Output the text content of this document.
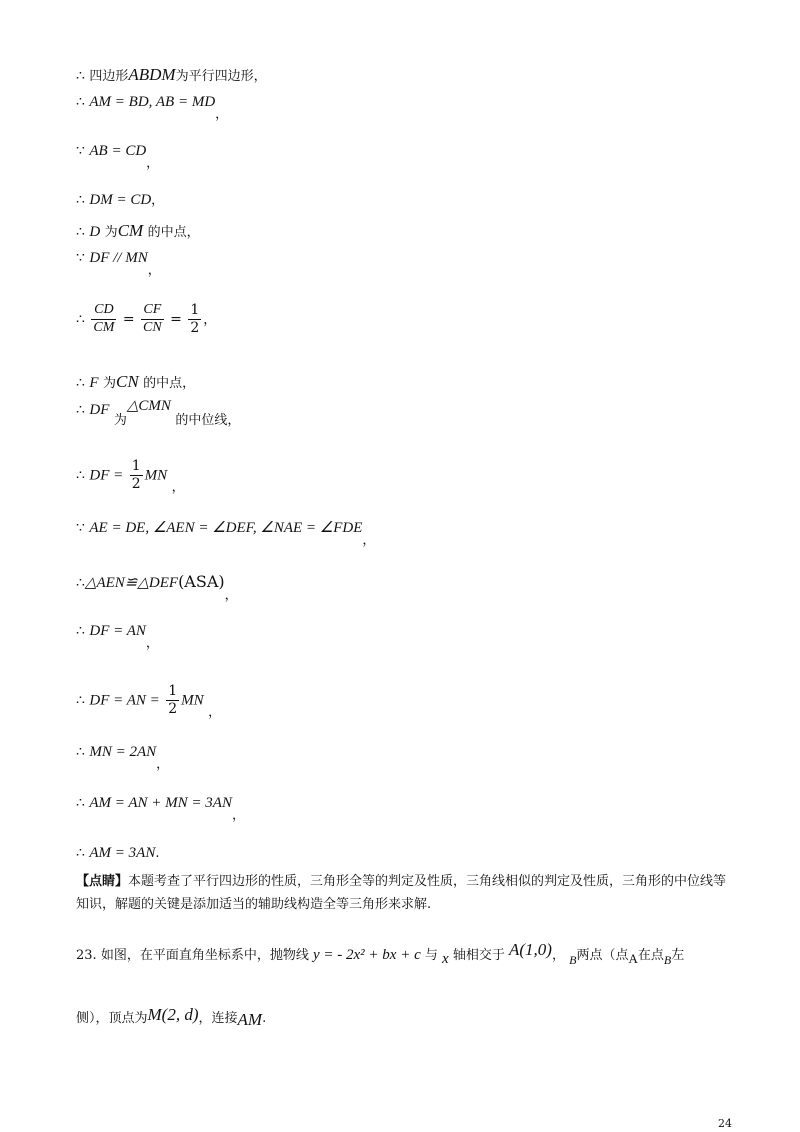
∴ 四边形ABDM为平行四边形，
∴ AM = BD, AB = MD，
∵ AB = CD，
∴ DM = CD，
∴ D 为CM 的中点，
∵ DF // MN，
∴ $\frac{CD}{CM} = \frac{CF}{CN} = \frac{1}{2}$ ，
∴ F 为CN 的中点，
∴ DF 为△CMN 的中位线，
∴ DF = $\frac{1}{2}$ MN ，
∵ AE = DE, ∠AEN = ∠DEF, ∠NAE = ∠FDE，
∴△AEN≌△DEF(ASA)，
∴ DF = AN，
∴ DF = AN = $\frac{1}{2}$ MN ，
∴ MN = 2AN，
∴ AM = AN + MN = 3AN，
∴ AM = 3AN.
【点睛】本题考查了平行四边形的性质，三角形全等的判定及性质，三角线相似的判定及性质，三角形的中位线等知识，解题的关键是添加适当的辅助线构造全等三角形来求解.
23. 如图，在平面直角坐标系中，抛物线 y = - 2x² + bx + c 与 x 轴相交于 A(1,0)， B两点（点A在点B左
侧），顶点为M(2, d)，连接AM.
24
